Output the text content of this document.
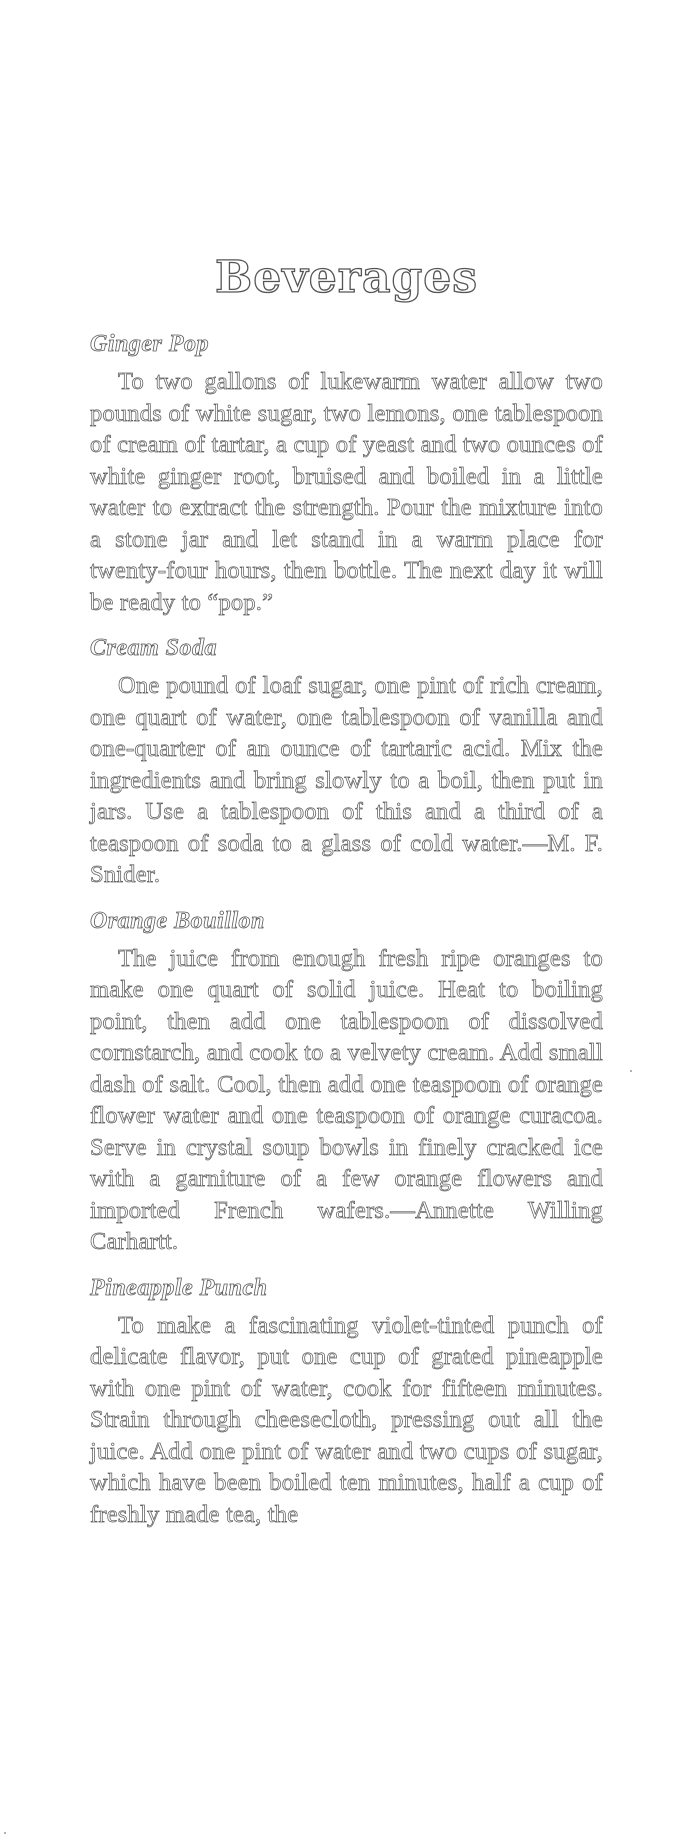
Beverages
Ginger Pop

To two gallons of lukewarm water allow two pounds of white sugar, two lemons, one tablespoon of cream of tartar, a cup of yeast and two ounces of white ginger root, bruised and boiled in a little water to extract the strength. Pour the mixture into a stone jar and let stand in a warm place for twenty-four hours, then bottle. The next day it will be ready to “pop.”

Cream Soda

One pound of loaf sugar, one pint of rich cream, one quart of water, one tablespoon of vanilla and one-quarter of an ounce of tartaric acid. Mix the ingredients and bring slowly to a boil, then put in jars. Use a tablespoon of this and a third of a teaspoon of soda to a glass of cold water.—M. F. Snider.

Orange Bouillon

The juice from enough fresh ripe oranges to make one quart of solid juice. Heat to boiling point, then add one tablespoon of dissolved cornstarch, and cook to a velvety cream. Add small dash of salt. Cool, then add one teaspoon of orange flower water and one teaspoon of orange curacoa. Serve in crystal soup bowls in finely cracked ice with a garniture of a few orange flowers and imported French wafers.—Annette Willing Carhartt.

Pineapple Punch

To make a fascinating violet-tinted punch of delicate flavor, put one cup of grated pineapple with one pint of water, cook for fifteen minutes. Strain through cheesecloth, pressing out all the juice. Add one pint of water and two cups of sugar, which have been boiled ten minutes, half a cup of freshly made tea, the
